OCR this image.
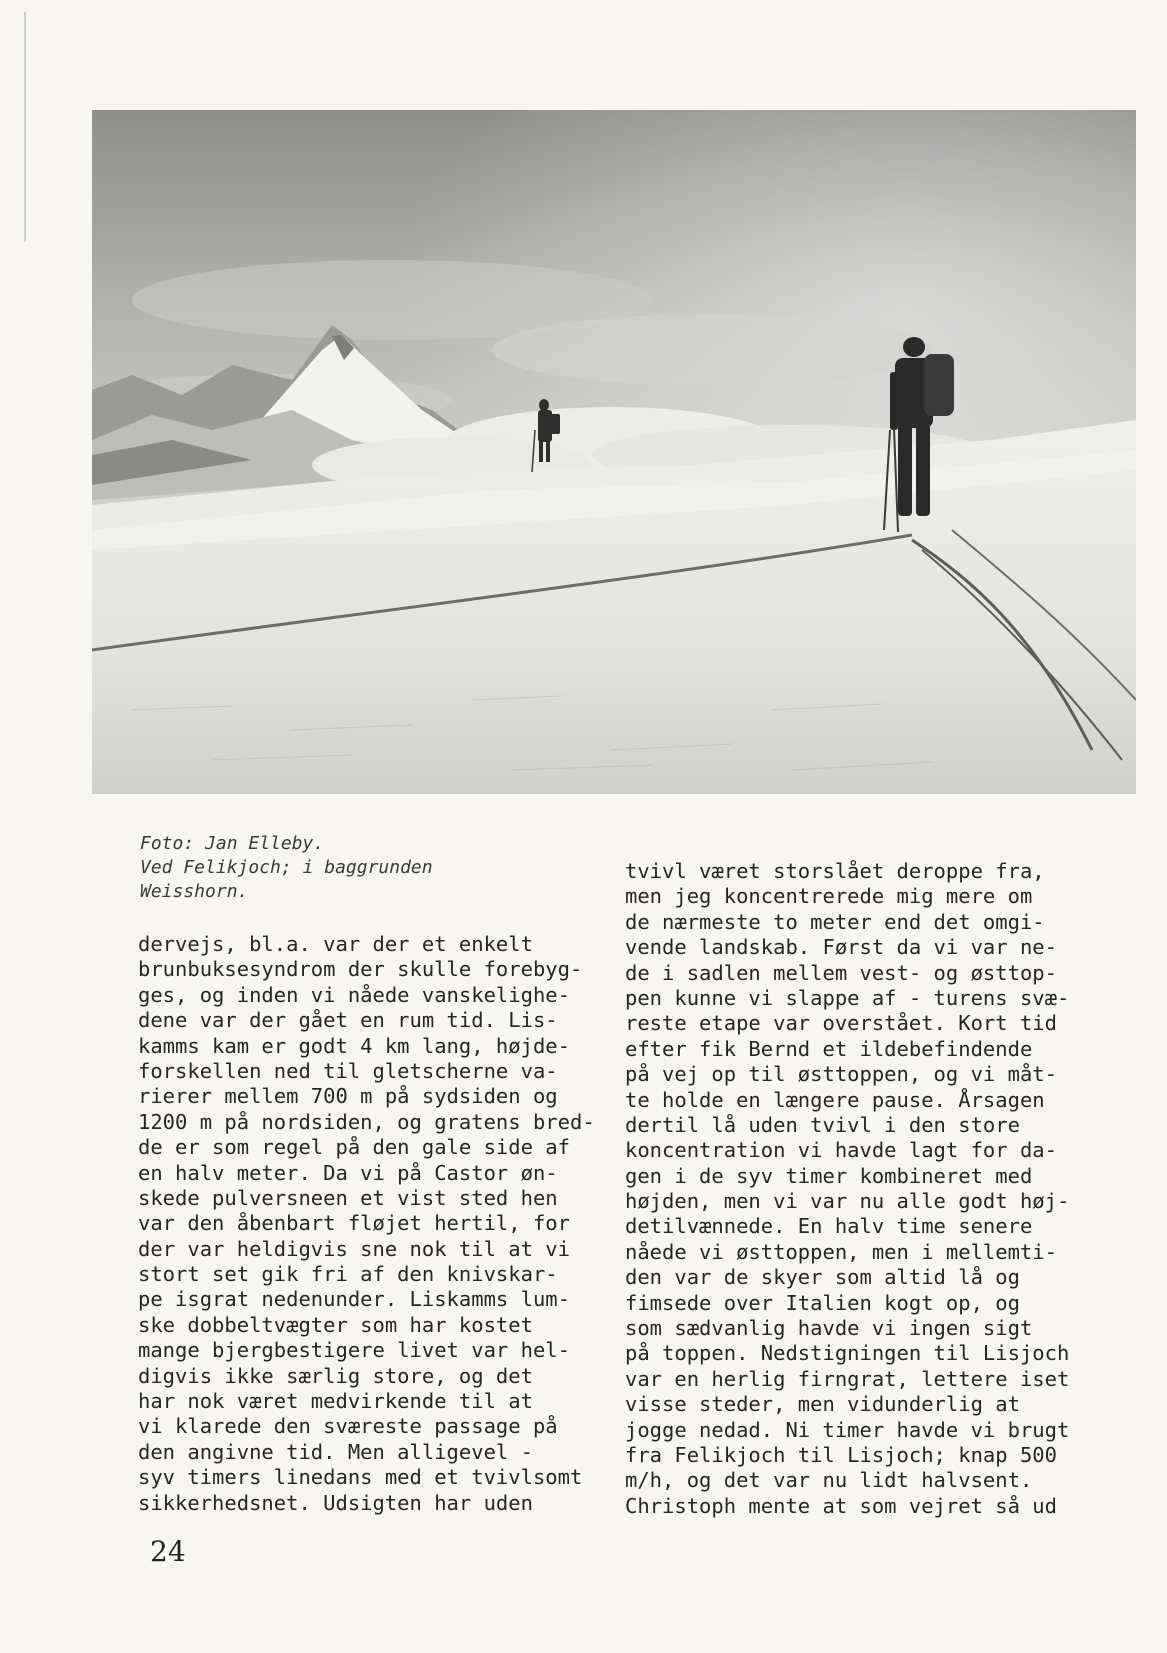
Foto: Jan Elleby.
Ved Felikjoch; i baggrunden
Weisshorn.
dervejs, bl.a. var der et enkelt
brunbuksesyndrom der skulle forebyg-
ges, og inden vi nåede vanskelighe-
dene var der gået en rum tid. Lis-
kamms kam er godt 4 km lang, højde-
forskellen ned til gletscherne va-
rierer mellem 700 m på sydsiden og
1200 m på nordsiden, og gratens bred-
de er som regel på den gale side af
en halv meter. Da vi på Castor øn-
skede pulversneen et vist sted hen
var den åbenbart fløjet hertil, for
der var heldigvis sne nok til at vi
stort set gik fri af den knivskar-
pe isgrat nedenunder. Liskamms lum-
ske dobbeltvægter som har kostet
mange bjergbestigere livet var hel-
digvis ikke særlig store, og det
har nok været medvirkende til at
vi klarede den sværeste passage på
den angivne tid. Men alligevel -
syv timers linedans med et tvivlsomt
sikkerhedsnet. Udsigten har uden
tvivl været storslået deroppe fra,
men jeg koncentrerede mig mere om
de nærmeste to meter end det omgi-
vende landskab. Først da vi var ne-
de i sadlen mellem vest- og østtop-
pen kunne vi slappe af - turens svæ-
reste etape var overstået. Kort tid
efter fik Bernd et ildebefindende
på vej op til østtoppen, og vi måt-
te holde en længere pause. Årsagen
dertil lå uden tvivl i den store
koncentration vi havde lagt for da-
gen i de syv timer kombineret med
højden, men vi var nu alle godt høj-
detilvænnede. En halv time senere
nåede vi østtoppen, men i mellemti-
den var de skyer som altid lå og
fimsede over Italien kogt op, og
som sædvanlig havde vi ingen sigt
på toppen. Nedstigningen til Lisjoch
var en herlig firngrat, lettere iset
visse steder, men vidunderlig at
jogge nedad. Ni timer havde vi brugt
fra Felikjoch til Lisjoch; knap 500
m/h, og det var nu lidt halvsent.
Christoph mente at som vejret så ud
24
